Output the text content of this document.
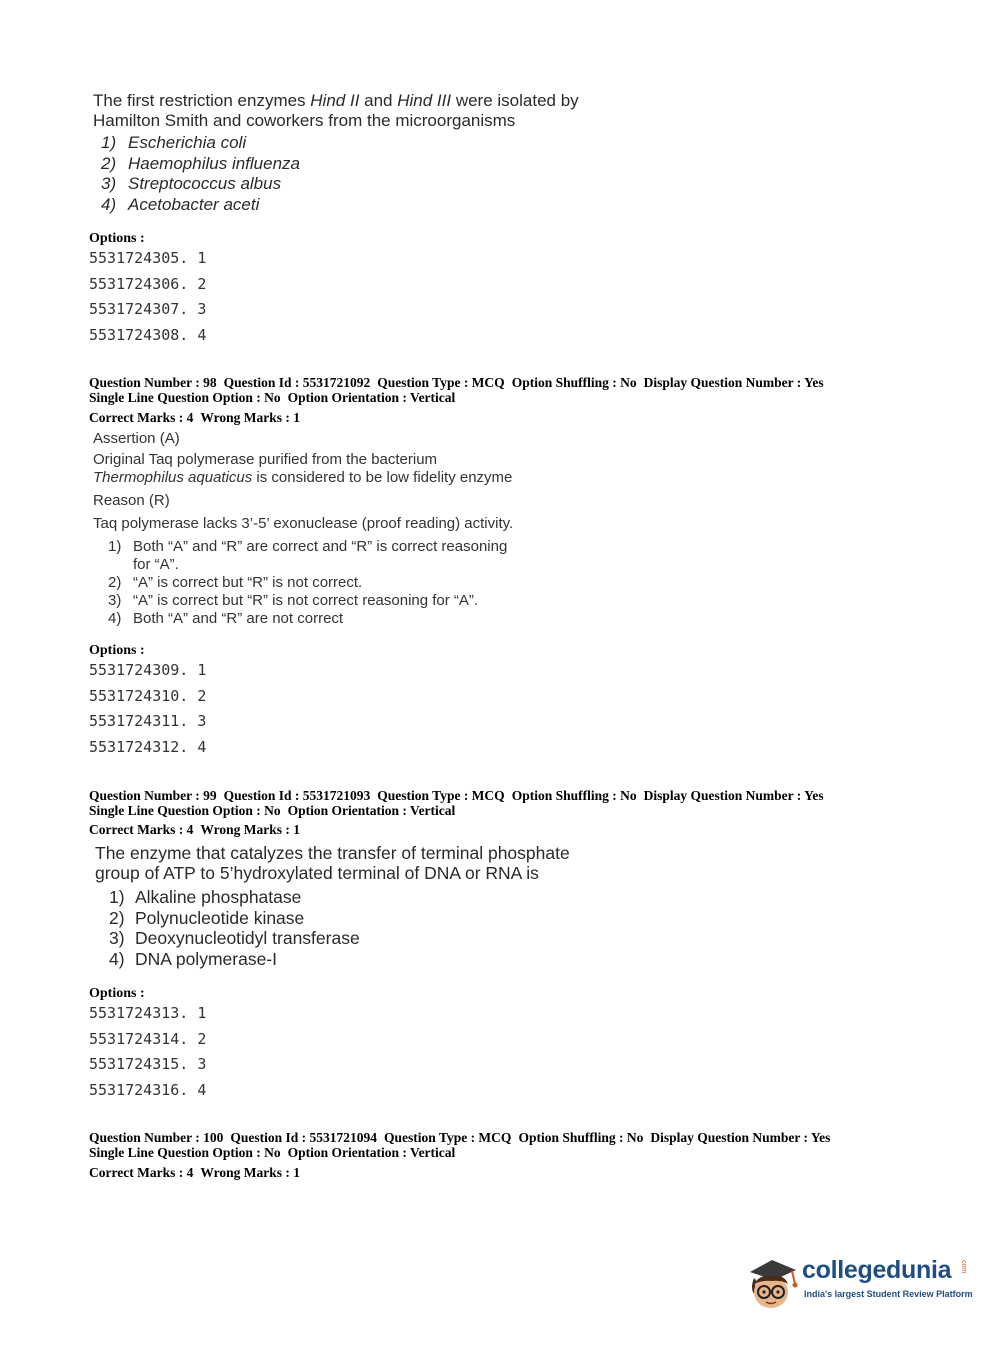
The first restriction enzymes Hind II and Hind III were isolated by
Hamilton Smith and coworkers from the microorganisms
1) Escherichia coli
2) Haemophilus influenza
3) Streptococcus albus
4) Acetobacter aceti
Options :
5531724305. 1
5531724306. 2
5531724307. 3
5531724308. 4
Question Number : 98 Question Id : 5531721092 Question Type : MCQ Option Shuffling : No Display Question Number : Yes
Single Line Question Option : No Option Orientation : Vertical
Correct Marks : 4 Wrong Marks : 1
Assertion (A)
Original Taq polymerase purified from the bacterium
Thermophilus aquaticus is considered to be low fidelity enzyme
Reason (R)
Taq polymerase lacks 3’-5’ exonuclease (proof reading) activity.
1) Both “A” and “R” are correct and “R” is correct reasoning
for “A”.
2) “A” is correct but “R” is not correct.
3) “A” is correct but “R” is not correct reasoning for “A”.
4) Both “A” and “R” are not correct
Options :
5531724309. 1
5531724310. 2
5531724311. 3
5531724312. 4
Question Number : 99 Question Id : 5531721093 Question Type : MCQ Option Shuffling : No Display Question Number : Yes
Single Line Question Option : No Option Orientation : Vertical
Correct Marks : 4 Wrong Marks : 1
The enzyme that catalyzes the transfer of terminal phosphate
group of ATP to 5’hydroxylated terminal of DNA or RNA is
1) Alkaline phosphatase
2) Polynucleotide kinase
3) Deoxynucleotidyl transferase
4) DNA polymerase-I
Options :
5531724313. 1
5531724314. 2
5531724315. 3
5531724316. 4
Question Number : 100 Question Id : 5531721094 Question Type : MCQ Option Shuffling : No Display Question Number : Yes
Single Line Question Option : No Option Orientation : Vertical
Correct Marks : 4 Wrong Marks : 1
collegedunia .com
India's largest Student Review Platform
